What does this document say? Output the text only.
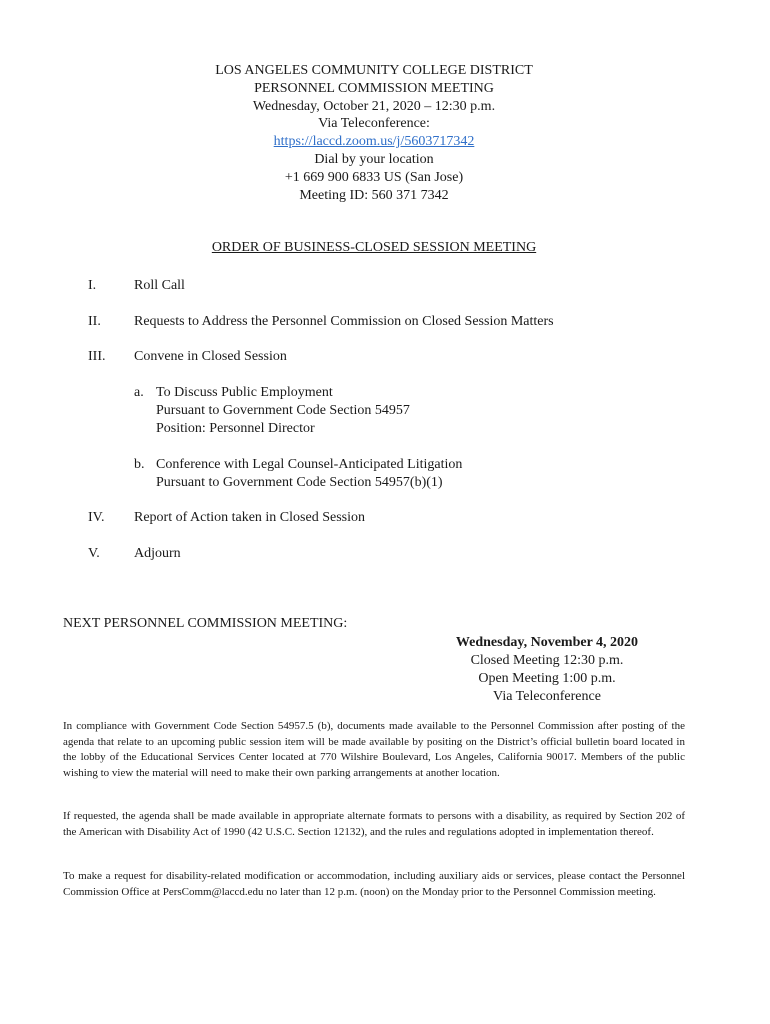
LOS ANGELES COMMUNITY COLLEGE DISTRICT
PERSONNEL COMMISSION MEETING
Wednesday, October 21, 2020 – 12:30 p.m.
Via Teleconference:
https://laccd.zoom.us/j/5603717342
Dial by your location
+1 669 900 6833 US (San Jose)
Meeting ID: 560 371 7342
ORDER OF BUSINESS-CLOSED SESSION MEETING
I.	Roll Call
II. Requests to Address the Personnel Commission on Closed Session Matters
III. Convene in Closed Session
a. To Discuss Public Employment
Pursuant to Government Code Section 54957
Position: Personnel Director
b. Conference with Legal Counsel-Anticipated Litigation
Pursuant to Government Code Section 54957(b)(1)
IV. Report of Action taken in Closed Session
V. Adjourn
NEXT PERSONNEL COMMISSION MEETING:
Wednesday, November 4, 2020
Closed Meeting 12:30 p.m.
Open Meeting 1:00 p.m.
Via Teleconference
In compliance with Government Code Section 54957.5 (b), documents made available to the Personnel Commission after posting of the agenda that relate to an upcoming public session item will be made available by positing on the District’s official bulletin board located in the lobby of the Educational Services Center located at 770 Wilshire Boulevard, Los Angeles, California 90017. Members of the public wishing to view the material will need to make their own parking arrangements at another location.
If requested, the agenda shall be made available in appropriate alternate formats to persons with a disability, as required by Section 202 of the American with Disability Act of 1990 (42 U.S.C. Section 12132), and the rules and regulations adopted in implementation thereof.
To make a request for disability-related modification or accommodation, including auxiliary aids or services, please contact the Personnel Commission Office at PersComm@laccd.edu no later than 12 p.m. (noon) on the Monday prior to the Personnel Commission meeting.
